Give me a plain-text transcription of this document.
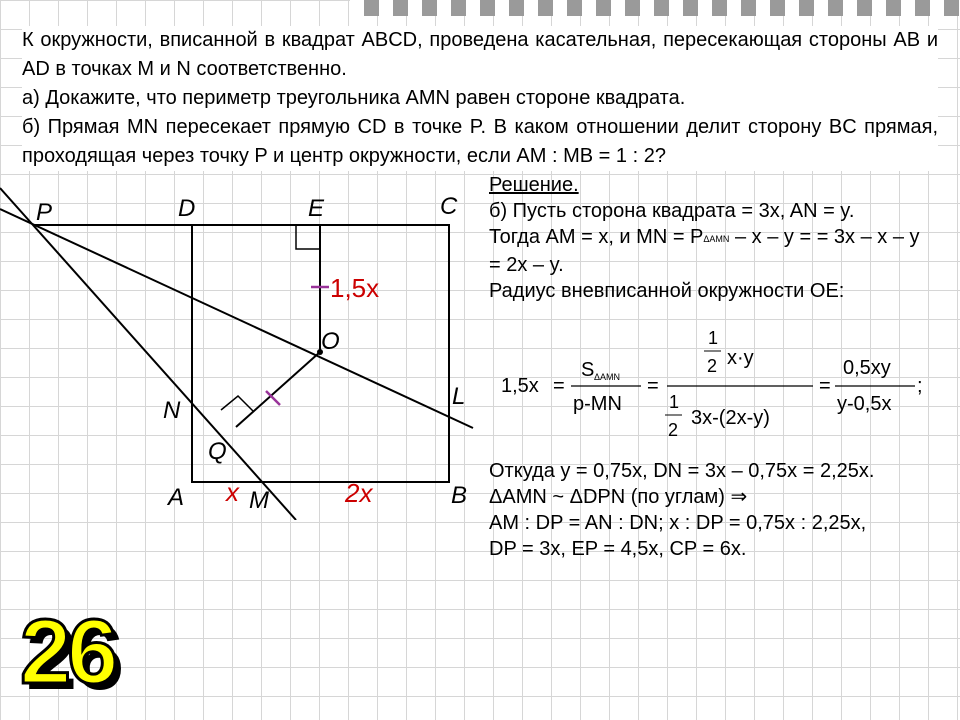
К окружности, вписанной в квадрат ABCD, проведена касательная, пересекающая стороны AB и AD в точках M и N соответственно.

а) Докажите, что периметр треугольника AMN равен стороне квадрата.

б) Прямая MN пересекает прямую CD в точке P. В каком отношении делит сторону BC прямая, проходящая через точку P и центр окружности, если AM : MB = 1 : 2?

P	D	E	C
O
N
L
Q
A	M	B
1,5x
x	2x
Решение.
б) Пусть сторона квадрата = 3x, AN = y.
Тогда AM = x, и MN = PΔAMN – x – y = = 3x – x – y = 2x – y.
Радиус вневписанной окружности OE:
Откуда y = 0,75x, DN = 3x – 0,75x = 2,25x.
ΔAMN ~ ΔDPN (по углам) ⇒
AM : DP = AN : DN; x : DP = 0,75x : 2,25x,
DP = 3x, EP = 4,5x, CP = 6x.
1,5x =
S ΔAMN
p-MN
=
1
2 x·y
1
2
3x-(2x-y)
=
0,5xy
y-0,5x
;
26
